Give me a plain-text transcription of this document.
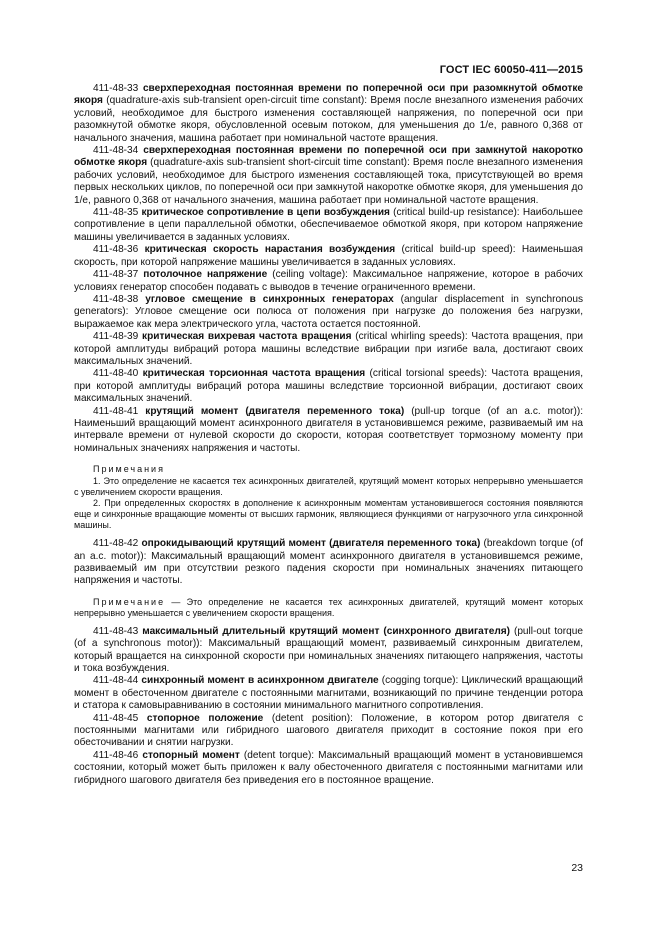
ГОСТ IEC 60050-411—2015

411-48-33 сверхпереходная постоянная времени по поперечной оси при разомкнутой обмотке якоря (quadrature-axis sub-transient open-circuit time constant): Время после внезапного изменения рабочих условий, необходимое для быстрого изменения составляющей напряжения, по поперечной оси при разомкнутой обмотке якоря, обусловленной осевым потоком, для уменьшения до 1/е, равного 0,368 от начального значения, машина работает при номинальной частоте вращения.

411-48-34 сверхпереходная постоянная времени по поперечной оси при замкнутой накоротко обмотке якоря (quadrature-axis sub-transient short-circuit time constant): Время после внезапного изменения рабочих условий, необходимое для быстрого изменения составляющей тока, присутствующей во время первых нескольких циклов, по поперечной оси при замкнутой накоротке обмотке якоря, для уменьшения до 1/е, равного 0,368 от начального значения, машина работает при номинальной частоте вращения.

411-48-35 критическое сопротивление в цепи возбуждения (critical build-up resistance): Наибольшее сопротивление в цепи параллельной обмотки, обеспечиваемое обмоткой якоря, при котором напряжение машины увеличивается в заданных условиях.

411-48-36 критическая скорость нарастания возбуждения (critical build-up speed): Наименьшая скорость, при которой напряжение машины увеличивается в заданных условиях.

411-48-37 потолочное напряжение (ceiling voltage): Максимальное напряжение, которое в рабочих условиях генератор способен подавать с выводов в течение ограниченного времени.

411-48-38 угловое смещение в синхронных генераторах (angular displacement in synchronous generators): Угловое смещение оси полюса от положения при нагрузке до положения без нагрузки, выражаемое как мера электрического угла, частота остается постоянной.

411-48-39 критическая вихревая частота вращения (critical whirling speeds): Частота вращения, при которой амплитуды вибраций ротора машины вследствие вибрации при изгибе вала, достигают своих максимальных значений.

411-48-40 критическая торсионная частота вращения (critical torsional speeds): Частота вращения, при которой амплитуды вибраций ротора машины вследствие торсионной вибрации, достигают своих максимальных значений.

411-48-41 крутящий момент (двигателя переменного тока) (pull-up torque (of an a.c. motor)): Наименьший вращающий момент асинхронного двигателя в установившемся режиме, развиваемый им на интервале времени от нулевой скорости до скорости, которая соответствует тормозному моменту при номинальных значениях напряжения и частоты.

Примечания

1. Это определение не касается тех асинхронных двигателей, крутящий момент которых непрерывно уменьшается с увеличением скорости вращения.

2. При определенных скоростях в дополнение к асинхронным моментам установившегося состояния появляются еще и синхронные вращающие моменты от высших гармоник, являющиеся функциями от нагрузочного угла синхронной машины.

411-48-42 опрокидывающий крутящий момент (двигателя переменного тока) (breakdown torque (of an a.c. motor)): Максимальный вращающий момент асинхронного двигателя в установившемся режиме, развиваемый им при отсутствии резкого падения скорости при номинальных значениях питающего напряжения и частоты.

Примечание — Это определение не касается тех асинхронных двигателей, крутящий момент которых непрерывно уменьшается с увеличением скорости вращения.

411-48-43 максимальный длительный крутящий момент (синхронного двигателя) (pull-out torque (of a synchronous motor)): Максимальный вращающий момент, развиваемый синхронным двигателем, который вращается на синхронной скорости при номинальных значениях питающего напряжения, частоты и тока возбуждения.

411-48-44 синхронный момент в асинхронном двигателе (cogging torque): Циклический вращающий момент в обесточенном двигателе с постоянными магнитами, возникающий по причине тенденции ротора и статора к самовыравниванию в состоянии минимального магнитного сопротивления.

411-48-45 стопорное положение (detent position): Положение, в котором ротор двигателя с постоянными магнитами или гибридного шагового двигателя приходит в состояние покоя при его обесточивании и снятии нагрузки.

411-48-46 стопорный момент (detent torque): Максимальный вращающий момент в установившемся состоянии, который может быть приложен к валу обесточенного двигателя с постоянными магнитами или гибридного шагового двигателя без приведения его в постоянное вращение.

23
